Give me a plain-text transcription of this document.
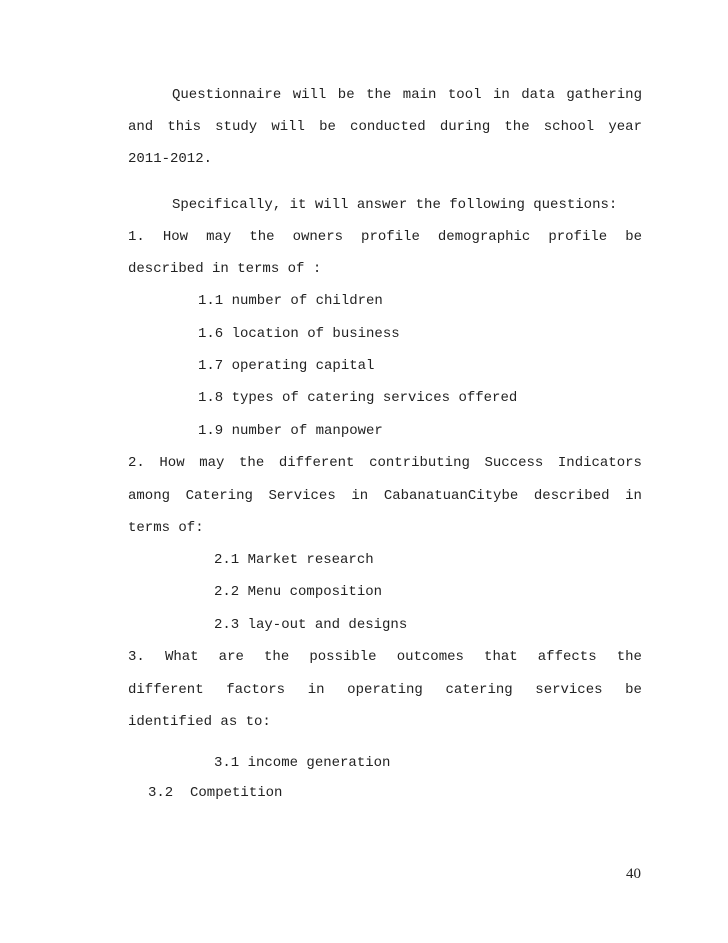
Questionnaire will be the main tool in data gathering
and this study will be conducted during the school year
2011-2012.
Specifically, it will answer the following questions:
1. How may the owners profile demographic profile be
described in terms of :
1.1 number of children
1.6 location of business
1.7 operating capital
1.8 types of catering services offered
1.9 number of manpower
2. How may the different contributing Success Indicators
among Catering Services in CabanatuanCitybe described in
terms of:
2.1 Market research
2.2 Menu composition
2.3 lay-out and designs
3. What are the possible outcomes that affects the
different factors in operating catering services be
identified as to:
3.1 income generation
3.2  Competition
40
